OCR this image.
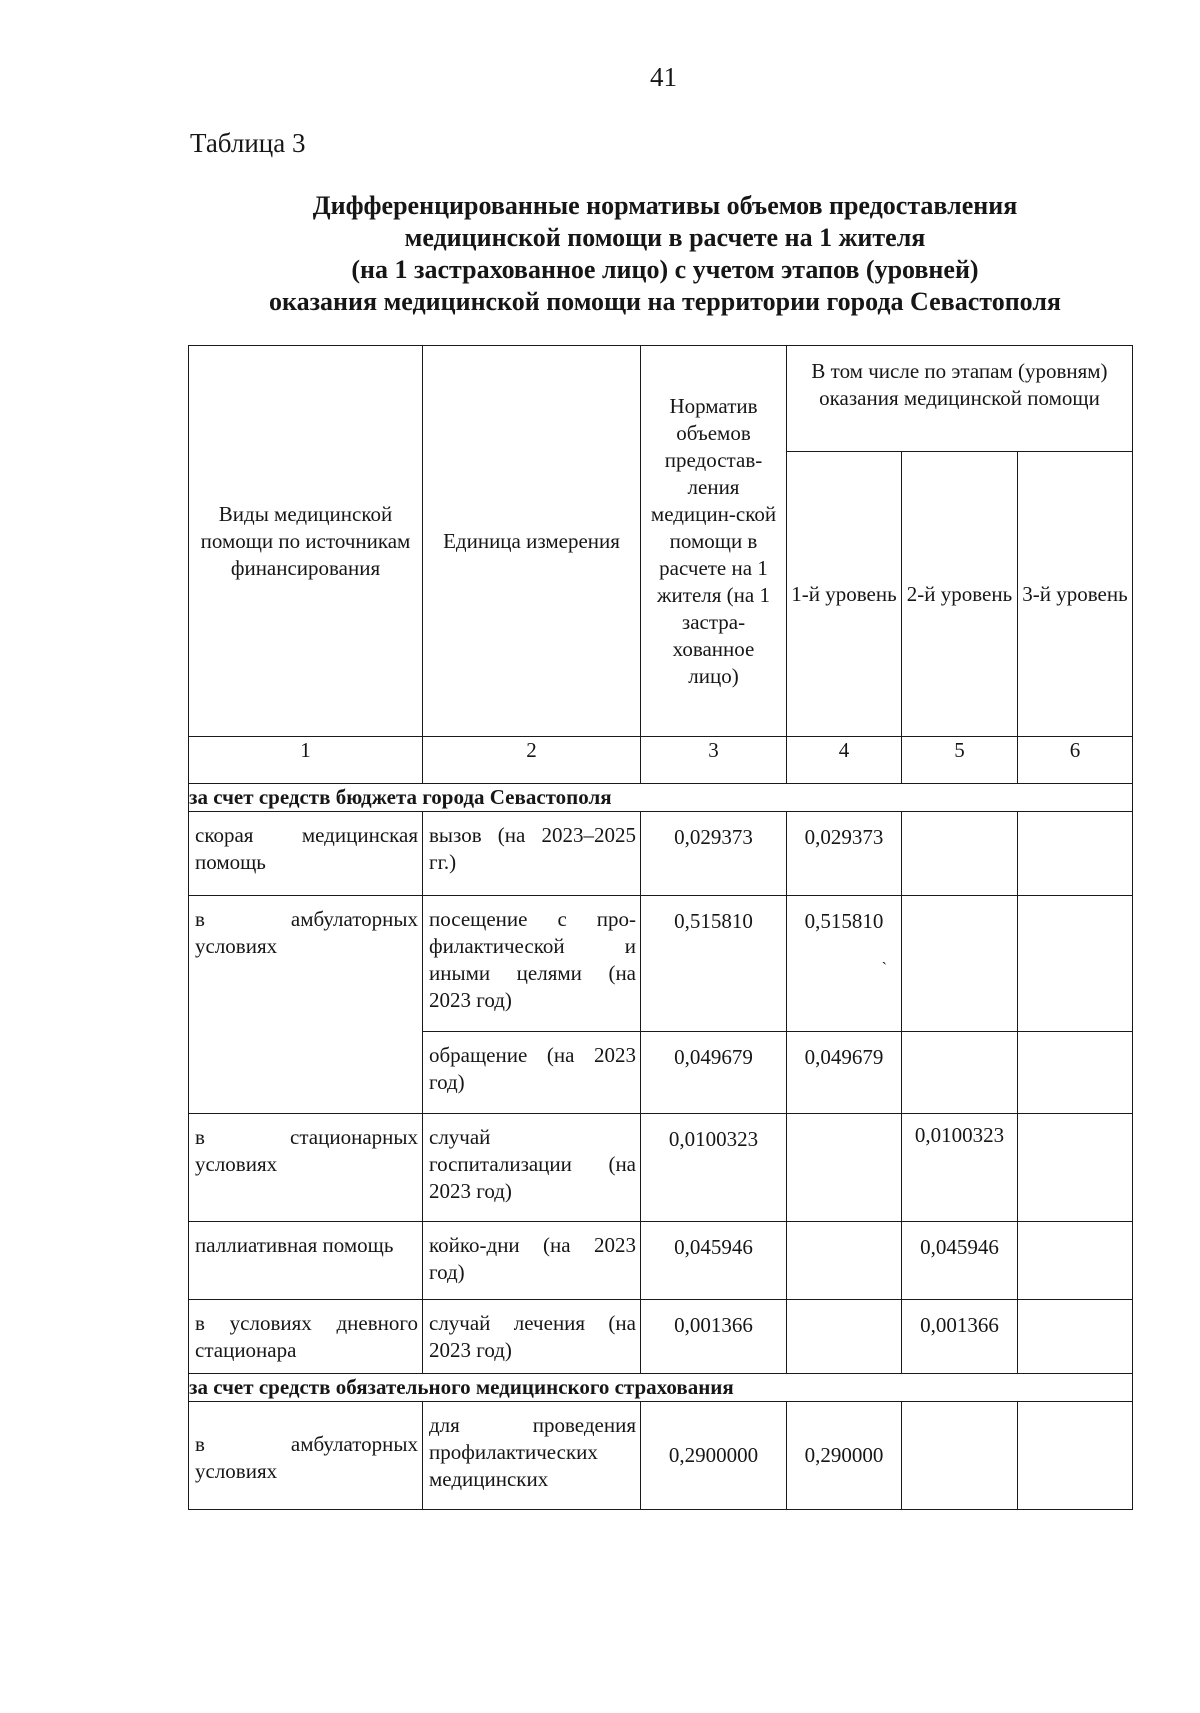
41
Таблица 3
Дифференцированные нормативы объемов предоставления
медицинской помощи в расчете на 1 жителя
(на 1 застрахованное лицо) с учетом этапов (уровней)
оказания медицинской помощи на территории города Севастополя
Виды медицинской помощи по источникам финансирования	Единица измерения	Норматив объемов предостав-ления медицин-ской помощи в расчете на 1 жителя (на 1 застра-хованное лицо)	В том числе по этапам (уровням) оказания медицинской помощи		
			1-й уровень	2-й уровень	3-й уровень
1	2	3	4	5	6
за счет средств бюджета города Севастополя					
скорая медицинская помощь	вызов (на 2023–2025 гг.)	0,029373	0,029373		
в амбулаторных условиях	посещение с про-филактической и иными целями (на 2023 год)	0,515810	0,515810
`		

	обращение (на 2023 год)	0,049679	0,049679		
в стационарных условиях	случай госпитализации (на 2023 год)	0,0100323		0,0100323	
паллиативная помощь	койко-дни (на 2023 год)	0,045946		0,045946	
в условиях дневного стационара	случай лечения (на 2023 год)	0,001366		0,001366	
за счет средств обязательного медицинского страхования					
в амбулаторных условиях	для проведения профилактических медицинских	0,2900000	0,290000		
